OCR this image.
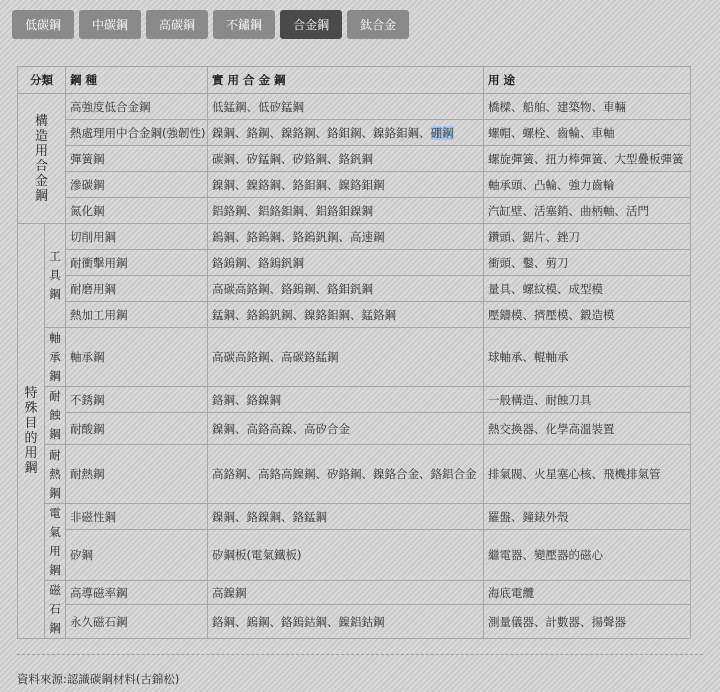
低碳鋼	中碳鋼	高碳鋼	不鏽鋼	合金鋼	鈦合金
分類		鋼 種	實 用 合 金 鋼	用 途
構造用合金鋼		高強度低合金鋼	低錳鋼、低矽錳鋼	橋樑、船舶、建築物、車輛
		熱處理用中合金鋼(強韌性)	鎳鋼、鉻鋼、鎳鉻鋼、鉻鉬鋼、鎳鉻鉬鋼、硼鋼	螺帽、螺栓、齒輪、車軸
		彈簧鋼	碳鋼、矽錳鋼、矽鉻鋼、鉻釩鋼	螺旋彈簧、扭力棒彈簧、大型疊板彈簧
		滲碳鋼	鎳鋼、鎳鉻鋼、鉻鉬鋼、鎳鉻鉬鋼	軸承頭、凸輪、強力齒輪
		氮化鋼	鋁鉻鋼、鋁鉻鉬鋼、鋁鉻鉬鎳鋼	汽缸壁、活塞銷、曲柄軸、活門
特殊目的用鋼	工具鋼	切削用鋼	鎢鋼、鉻鎢鋼、鉻鎢釩鋼、高速鋼	鑽頭、鋸片、銼刀
		耐衝擊用鋼	鉻鎢鋼、鉻鎢釩鋼	衝頭、鑿、剪刀
		耐磨用鋼	高碳高鉻鋼、鉻鎢鋼、鉻鉬釩鋼	量具、螺紋模、成型模
		熱加工用鋼	錳鋼、鉻鎢釩鋼、鎳鉻鉬鋼、錳鉻鋼	壓鑄模、擠壓模、鍛造模
	軸承鋼	軸承鋼	高碳高鉻鋼、高碳鉻錳鋼	球軸承、輥軸承
	耐蝕鋼	不銹鋼	鉻鋼、鉻鎳鋼	一般構造、耐蝕刀具
		耐酸鋼	鎳鋼、高鉻高鎳、高矽合金	熱交換器、化學高溫裝置
	耐熱鋼	耐熱鋼	高鉻鋼、高鉻高鎳鋼、矽鉻鋼、鎳鉻合金、鉻鋁合金	排氣閥、火星塞心核、飛機排氣管
	電氣用鋼	非磁性鋼	鎳鋼、鉻鎳鋼、鉻錳鋼	羅盤、鐘錶外殼
		矽鋼	矽鋼板(電氣鐵板)	繼電器、變壓器的磁心
	磁石鋼	高導磁率鋼	高鎳鋼	海底電纜
		永久磁石鋼	鉻鋼、鎢鋼、鉻鎢鈷鋼、鎳鋁鈷鋼	測量儀器、計數器、揚聲器
資料來源:認識碳鋼材料(古錦松)
